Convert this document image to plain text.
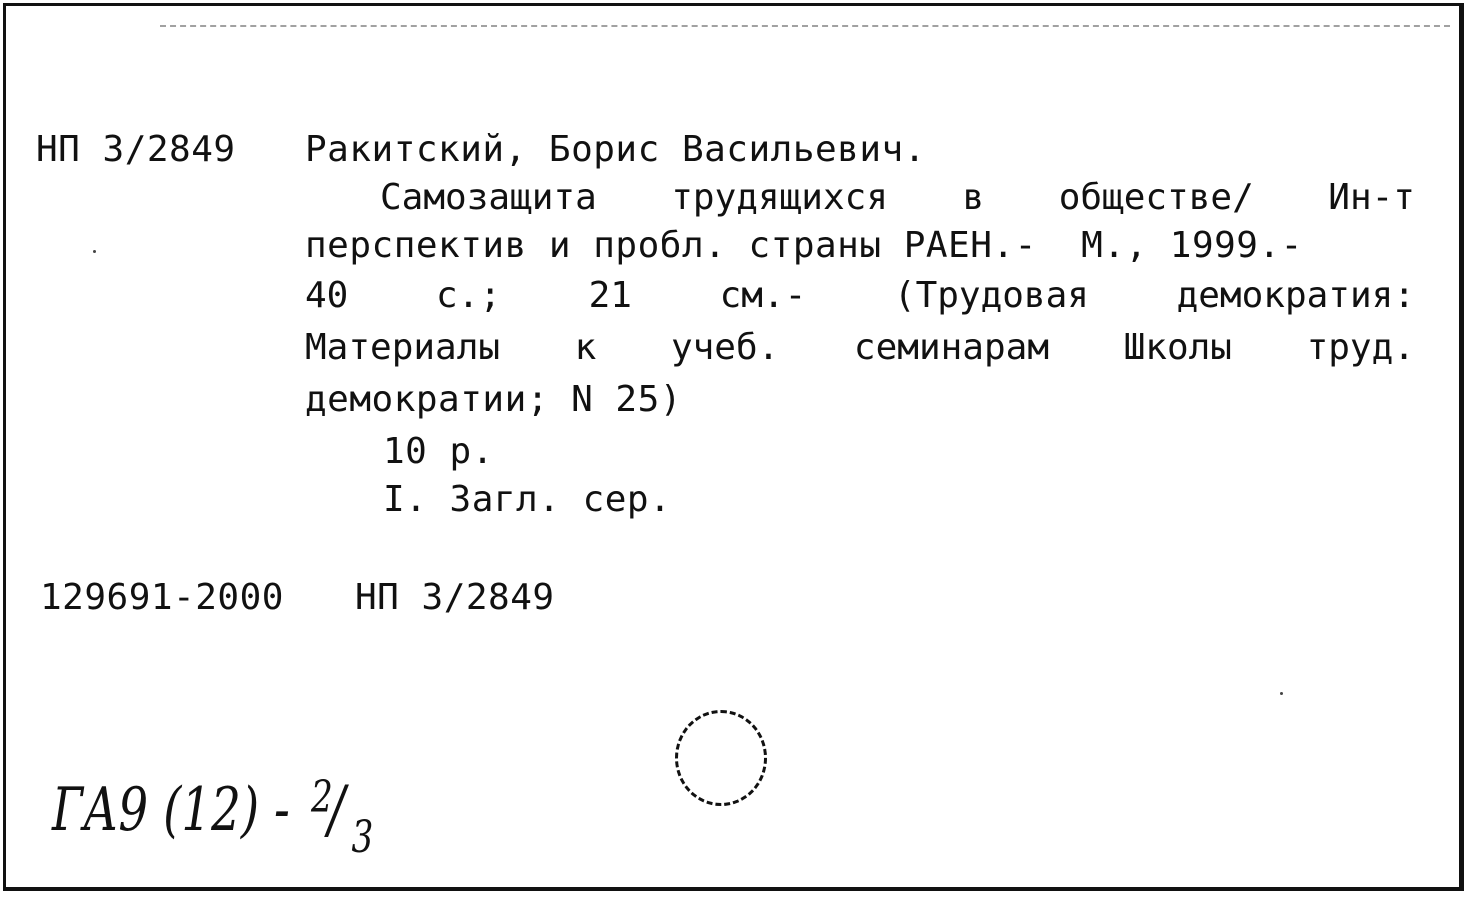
НП 3/2849 Ракитский, Борис Васильевич.
Самозащита трудящихся в обществе/ Ин-т
перспектив и пробл. страны РАЕН.-  М., 1999.-
40 с.; 21 см.- (Трудовая демократия:
Материалы к учеб. семинарам Школы труд.
демократии; N 25)
10 р.
I. Загл. сер.
129691-2000 НП 3/2849
ГА9 (12) - 2
/ 3
